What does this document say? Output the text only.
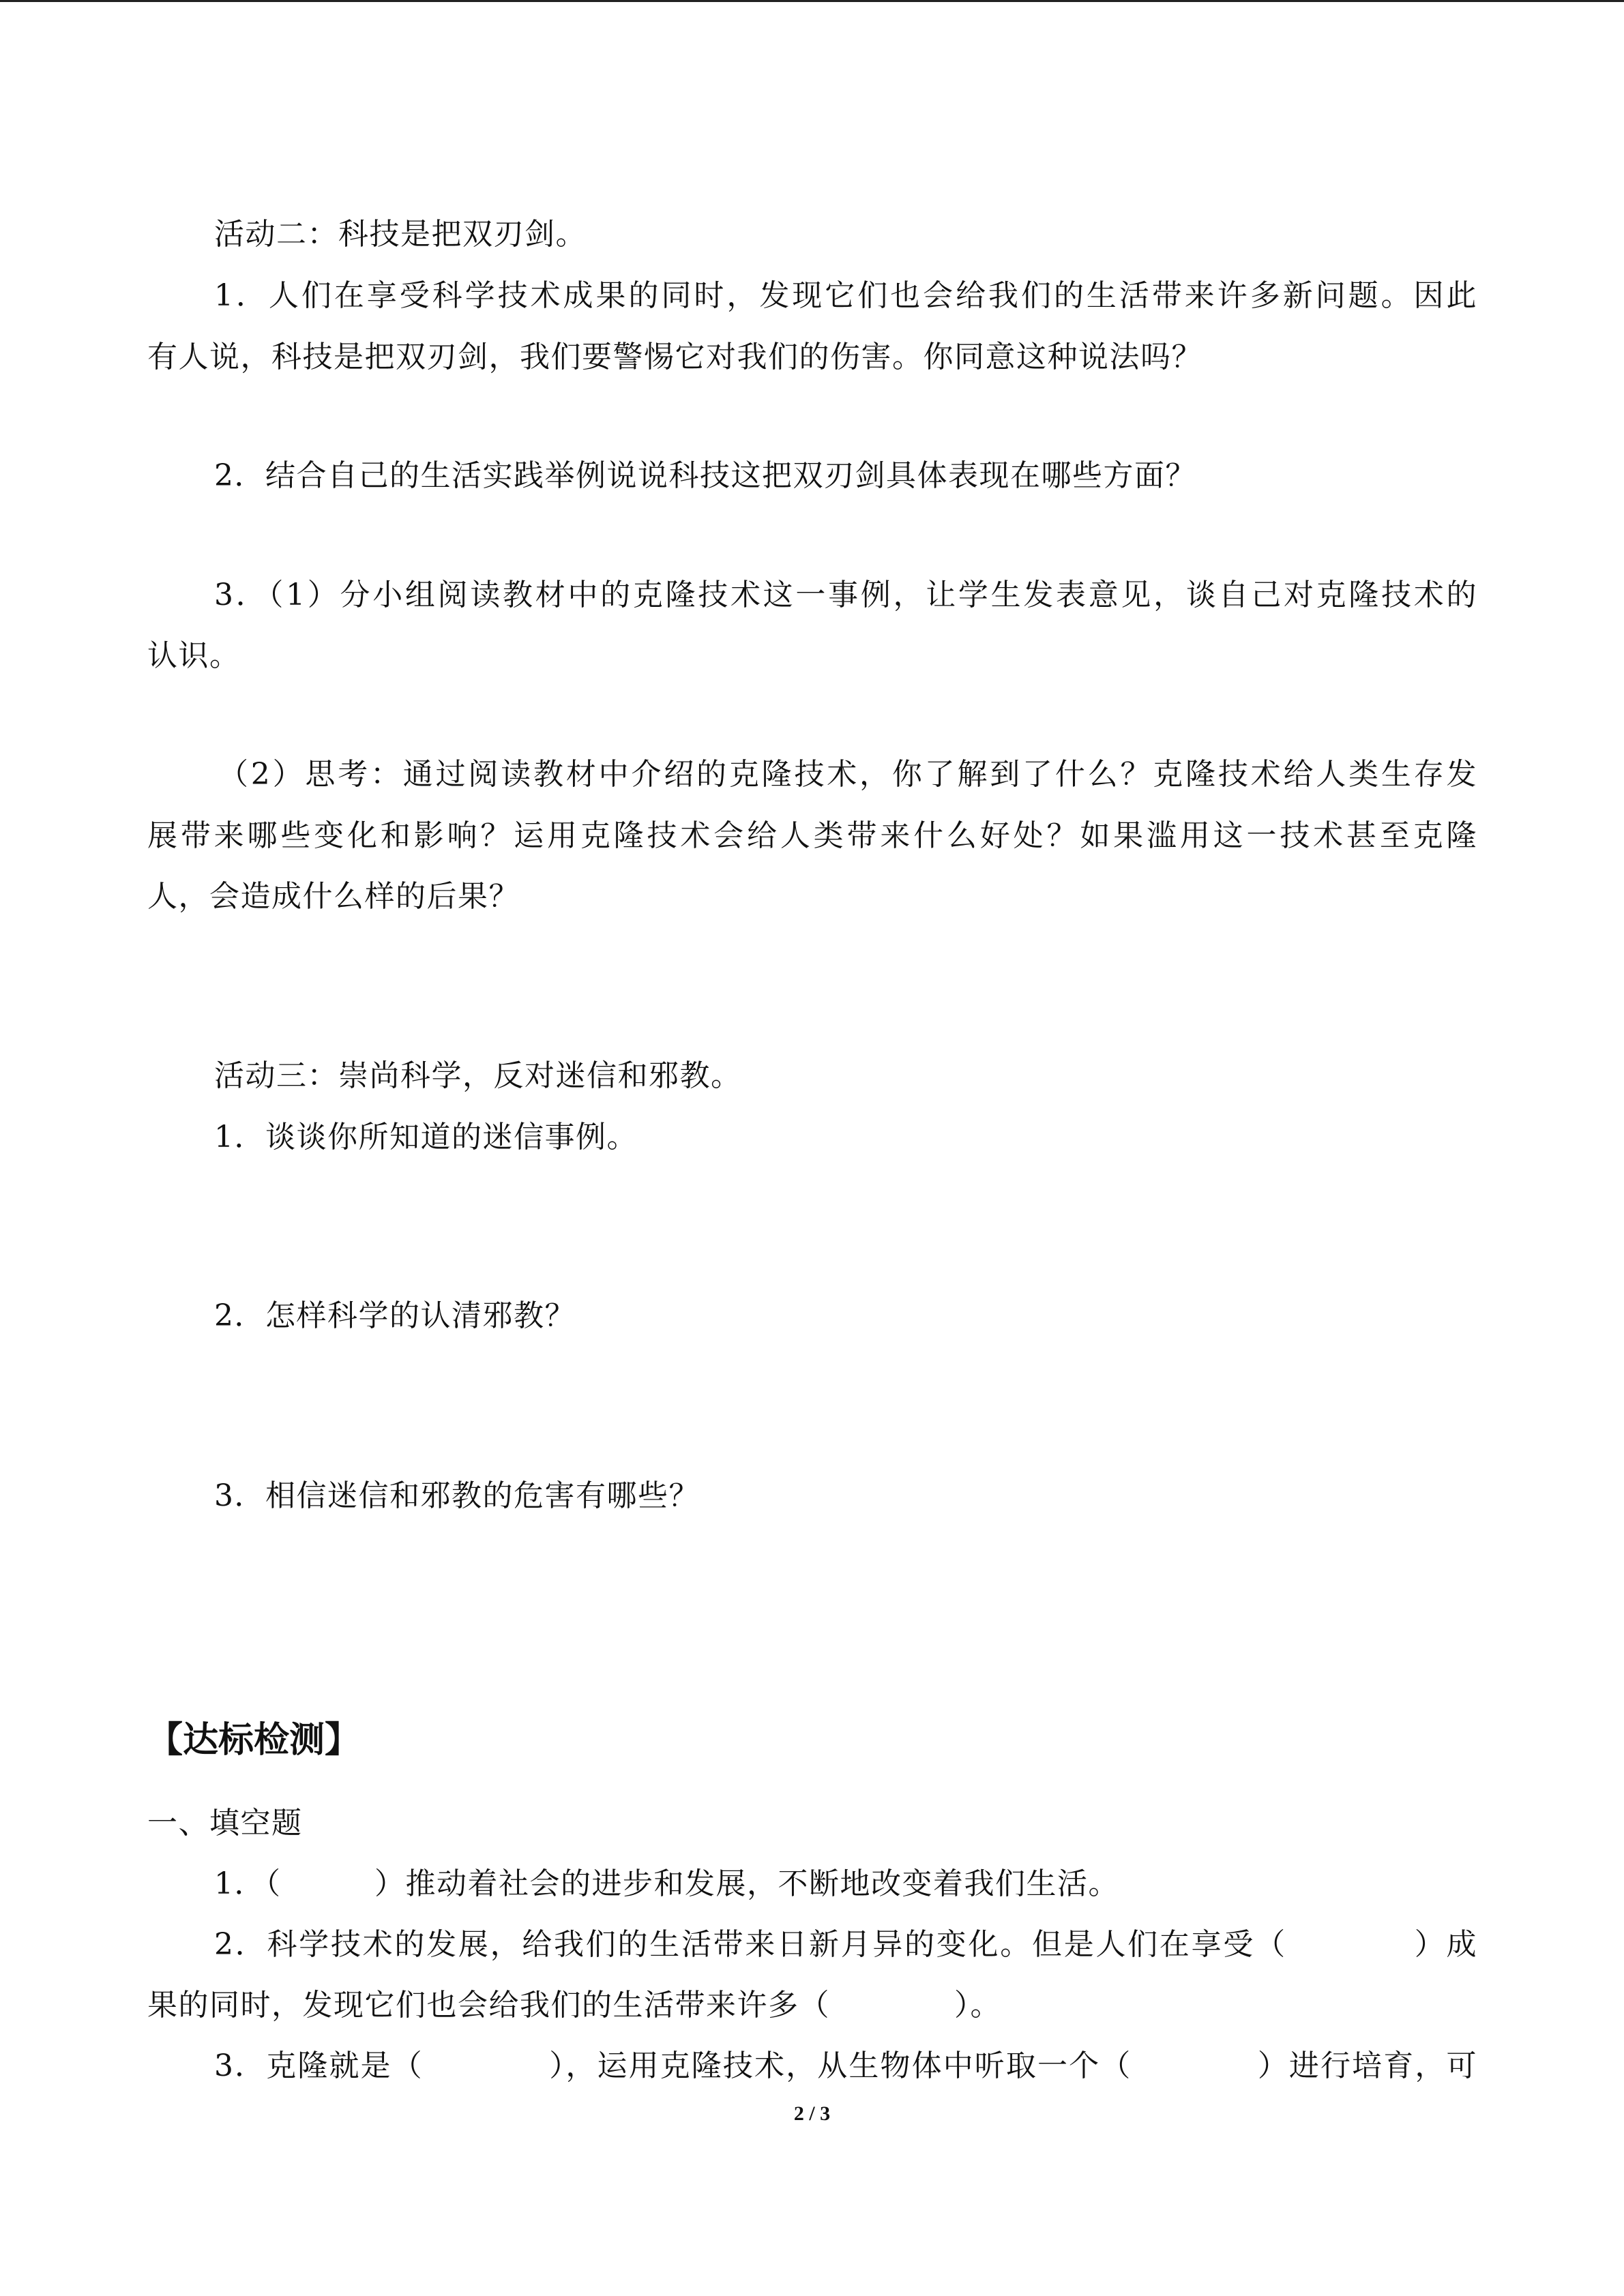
活动二：科技是把双刃剑。
1．人们在享受科学技术成果的同时，发现它们也会给我们的生活带来许多新问题。因此
有人说，科技是把双刃剑，我们要警惕它对我们的伤害。你同意这种说法吗？
2．结合自己的生活实践举例说说科技这把双刃剑具体表现在哪些方面？
3．（1）分小组阅读教材中的克隆技术这一事例，让学生发表意见，谈自己对克隆技术的
认识。
（2）思考：通过阅读教材中介绍的克隆技术，你了解到了什么？克隆技术给人类生存发
展带来哪些变化和影响？运用克隆技术会给人类带来什么好处？如果滥用这一技术甚至克隆
人，会造成什么样的后果？
活动三：崇尚科学，反对迷信和邪教。
1．谈谈你所知道的迷信事例。
2．怎样科学的认清邪教？
3．相信迷信和邪教的危害有哪些？
【达标检测】
一、填空题
1．（　　　）推动着社会的进步和发展，不断地改变着我们生活。
2．科学技术的发展，给我们的生活带来日新月异的变化。但是人们在享受（　　　　）成
果的同时，发现它们也会给我们的生活带来许多（　　　　）。
3．克隆就是（　　　　），运用克隆技术，从生物体中听取一个（　　　　）进行培育，可
2 / 3
